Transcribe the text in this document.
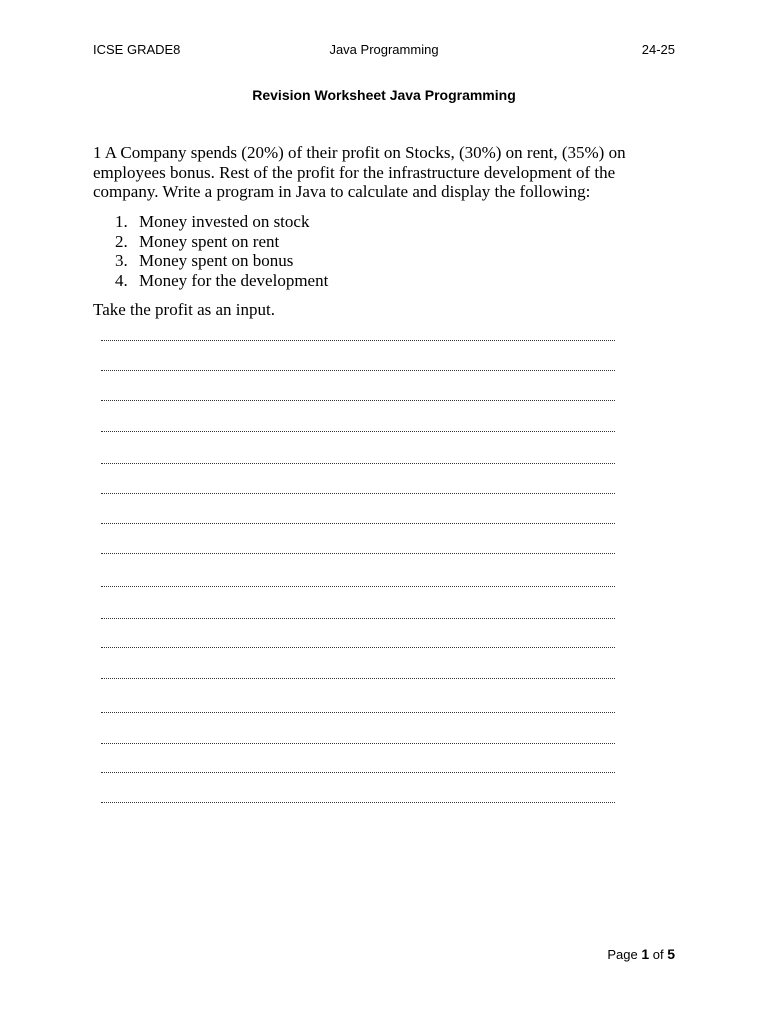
ICSE GRADE8	Java Programming	24-25
Revision Worksheet Java Programming
1 A Company spends (20%) of their profit on Stocks, (30%) on rent, (35%) on employees bonus. Rest of the profit for the infrastructure development of the company. Write a program in Java to calculate and display the following:
1. Money invested on stock
2. Money spent on rent
3. Money spent on bonus
4. Money for the development
Take the profit as an input.
Page 1 of 5
